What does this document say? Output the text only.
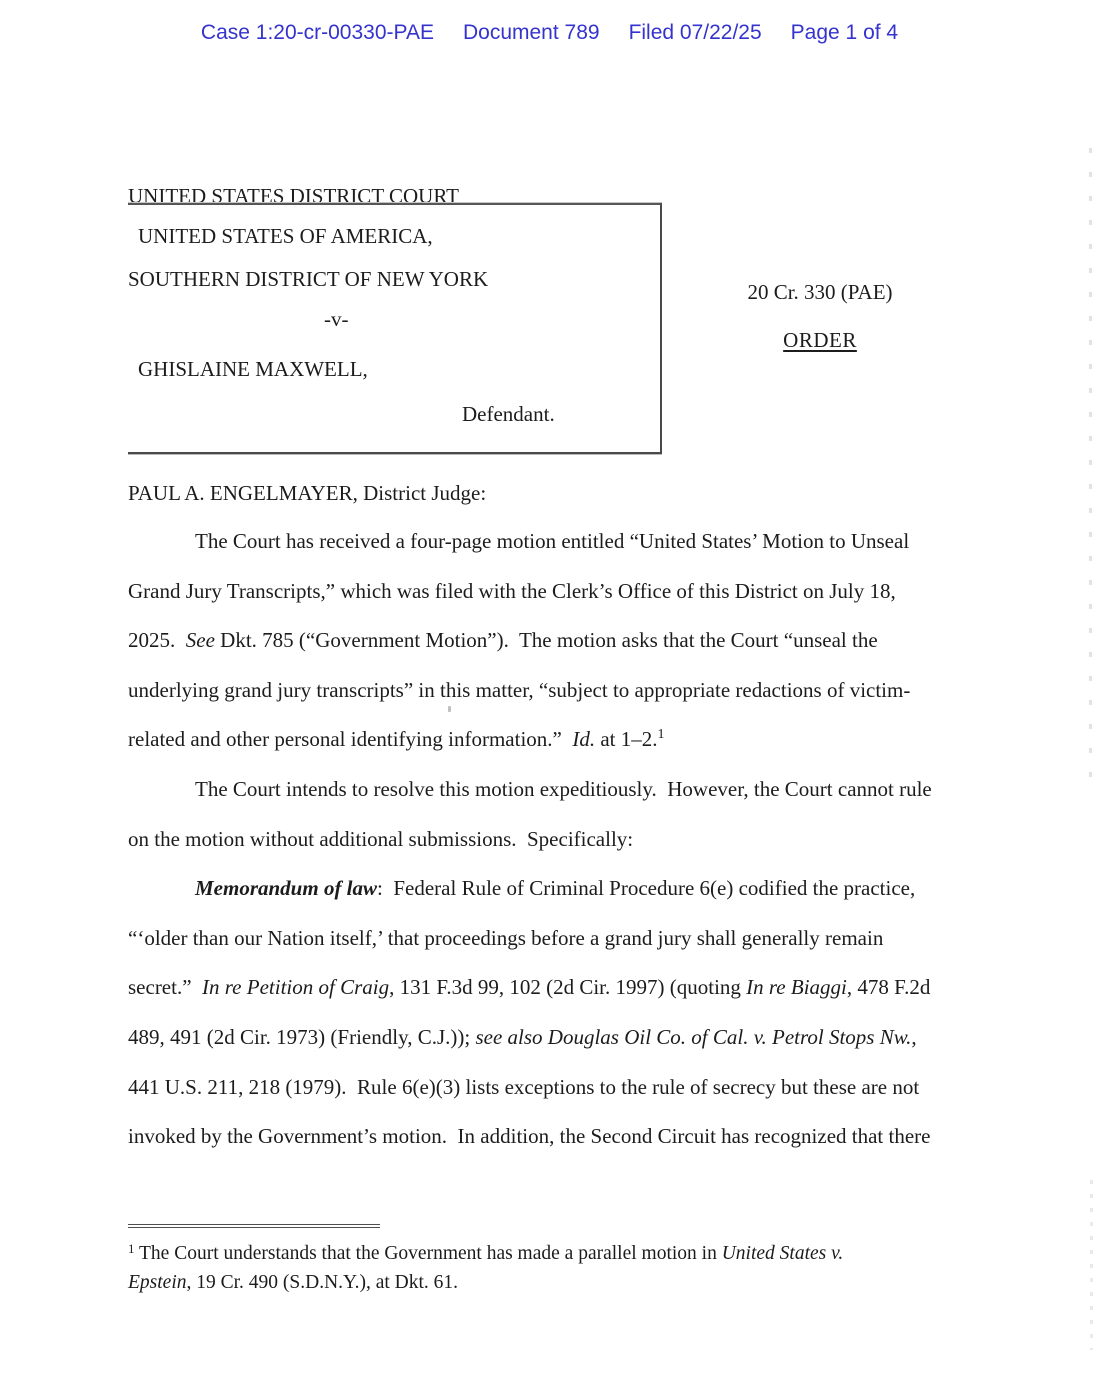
Case 1:20-cr-00330-PAE Document 789 Filed 07/22/25 Page 1 of 4

UNITED STATES DISTRICT COURT

SOUTHERN DISTRICT OF NEW YORK

UNITED STATES OF AMERICA,
-v-
GHISLAINE MAXWELL,
Defendant.
20 Cr. 330 (PAE)
ORDER
PAUL A. ENGELMAYER, District Judge:
The Court has received a four-page motion entitled “United States’ Motion to Unseal
Grand Jury Transcripts,” which was filed with the Clerk’s Office of this District on July 18,
2025.  See Dkt. 785 (“Government Motion”).  The motion asks that the Court “unseal the
underlying grand jury transcripts” in this matter, “subject to appropriate redactions of victim-
related and other personal identifying information.”  Id. at 1–2.$^1$
The Court intends to resolve this motion expeditiously.  However, the Court cannot rule
on the motion without additional submissions.  Specifically:
Memorandum of law:  Federal Rule of Criminal Procedure 6(e) codified the practice,
“‘older than our Nation itself,’ that proceedings before a grand jury shall generally remain
secret.”  In re Petition of Craig, 131 F.3d 99, 102 (2d Cir. 1997) (quoting In re Biaggi, 478 F.2d
489, 491 (2d Cir. 1973) (Friendly, C.J.)); see also Douglas Oil Co. of Cal. v. Petrol Stops Nw.,
441 U.S. 211, 218 (1979).  Rule 6(e)(3) lists exceptions to the rule of secrecy but these are not
invoked by the Government’s motion.  In addition, the Second Circuit has recognized that there
$^1$ The Court understands that the Government has made a parallel motion in United States v.
Epstein, 19 Cr. 490 (S.D.N.Y.), at Dkt. 61.
